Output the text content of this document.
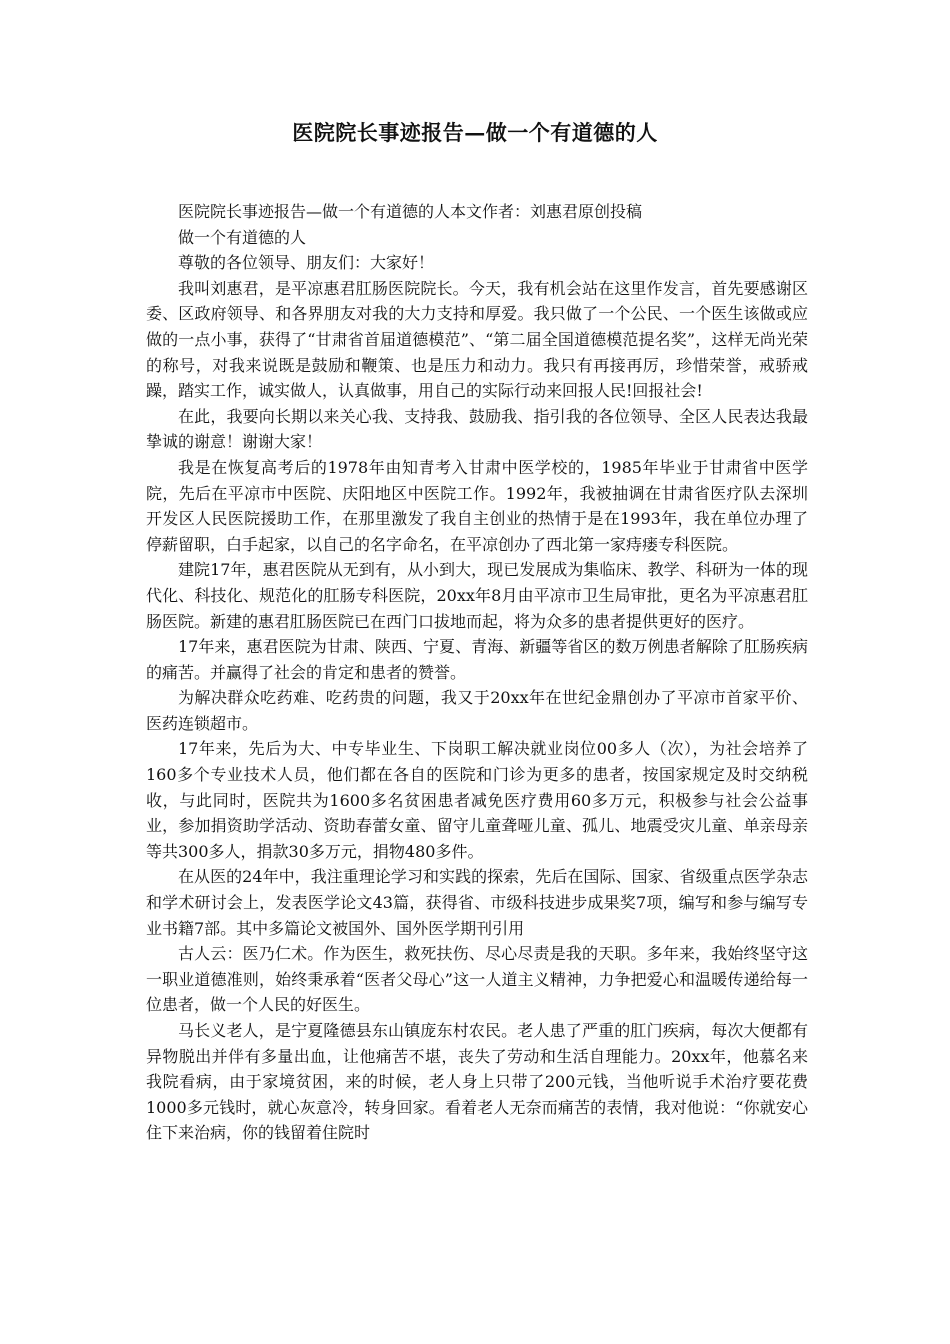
医院院长事迹报告—做一个有道德的人

医院院长事迹报告—做一个有道德的人本文作者：刘惠君原创投稿

做一个有道德的人

尊敬的各位领导、朋友们：大家好！

我叫刘惠君，是平凉惠君肛肠医院院长。今天，我有机会站在这里作发言，首先要感谢区委、区政府领导、和各界朋友对我的大力支持和厚爱。我只做了一个公民、一个医生该做或应做的一点小事，获得了“甘肃省首届道德模范”、“第二届全国道德模范提名奖”，这样无尚光荣的称号，对我来说既是鼓励和鞭策、也是压力和动力。我只有再接再厉，珍惜荣誉，戒骄戒躁，踏实工作，诚实做人，认真做事，用自己的实际行动来回报人民!回报社会!

在此，我要向长期以来关心我、支持我、鼓励我、指引我的各位领导、全区人民表达我最挚诚的谢意！谢谢大家！

我是在恢复高考后的1978年由知青考入甘肃中医学校的，1985年毕业于甘肃省中医学院，先后在平凉市中医院、庆阳地区中医院工作。1992年，我被抽调在甘肃省医疗队去深圳开发区人民医院援助工作，在那里激发了我自主创业的热情于是在1993年，我在单位办理了停薪留职，白手起家，以自己的名字命名，在平凉创办了西北第一家痔瘘专科医院。

建院17年，惠君医院从无到有，从小到大，现已发展成为集临床、教学、科研为一体的现代化、科技化、规范化的肛肠专科医院，20xx年8月由平凉市卫生局审批，更名为平凉惠君肛肠医院。新建的惠君肛肠医院已在西门口拔地而起，将为众多的患者提供更好的医疗。

17年来，惠君医院为甘肃、陕西、宁夏、青海、新疆等省区的数万例患者解除了肛肠疾病的痛苦。并赢得了社会的肯定和患者的赞誉。

为解决群众吃药难、吃药贵的问题，我又于20xx年在世纪金鼎创办了平凉市首家平价、医药连锁超市。

17年来，先后为大、中专毕业生、下岗职工解决就业岗位00多人（次），为社会培养了160多个专业技术人员，他们都在各自的医院和门诊为更多的患者，按国家规定及时交纳税收，与此同时，医院共为1600多名贫困患者减免医疗费用60多万元，积极参与社会公益事业，参加捐资助学活动、资助春蕾女童、留守儿童聋哑儿童、孤儿、地震受灾儿童、单亲母亲等共300多人，捐款30多万元，捐物480多件。

在从医的24年中，我注重理论学习和实践的探索，先后在国际、国家、省级重点医学杂志和学术研讨会上，发表医学论文43篇，获得省、市级科技进步成果奖7项，编写和参与编写专业书籍7部。其中多篇论文被国外、国外医学期刊引用

古人云：医乃仁术。作为医生，救死扶伤、尽心尽责是我的天职。多年来，我始终坚守这一职业道德准则，始终秉承着“医者父母心”这一人道主义精神，力争把爱心和温暖传递给每一位患者，做一个人民的好医生。

马长义老人，是宁夏隆德县东山镇庞东村农民。老人患了严重的肛门疾病，每次大便都有异物脱出并伴有多量出血，让他痛苦不堪，丧失了劳动和生活自理能力。20xx年，他慕名来我院看病，由于家境贫困，来的时候，老人身上只带了200元钱，当他听说手术治疗要花费1000多元钱时，就心灰意冷，转身回家。看着老人无奈而痛苦的表情，我对他说：“你就安心住下来治病，你的钱留着住院时
